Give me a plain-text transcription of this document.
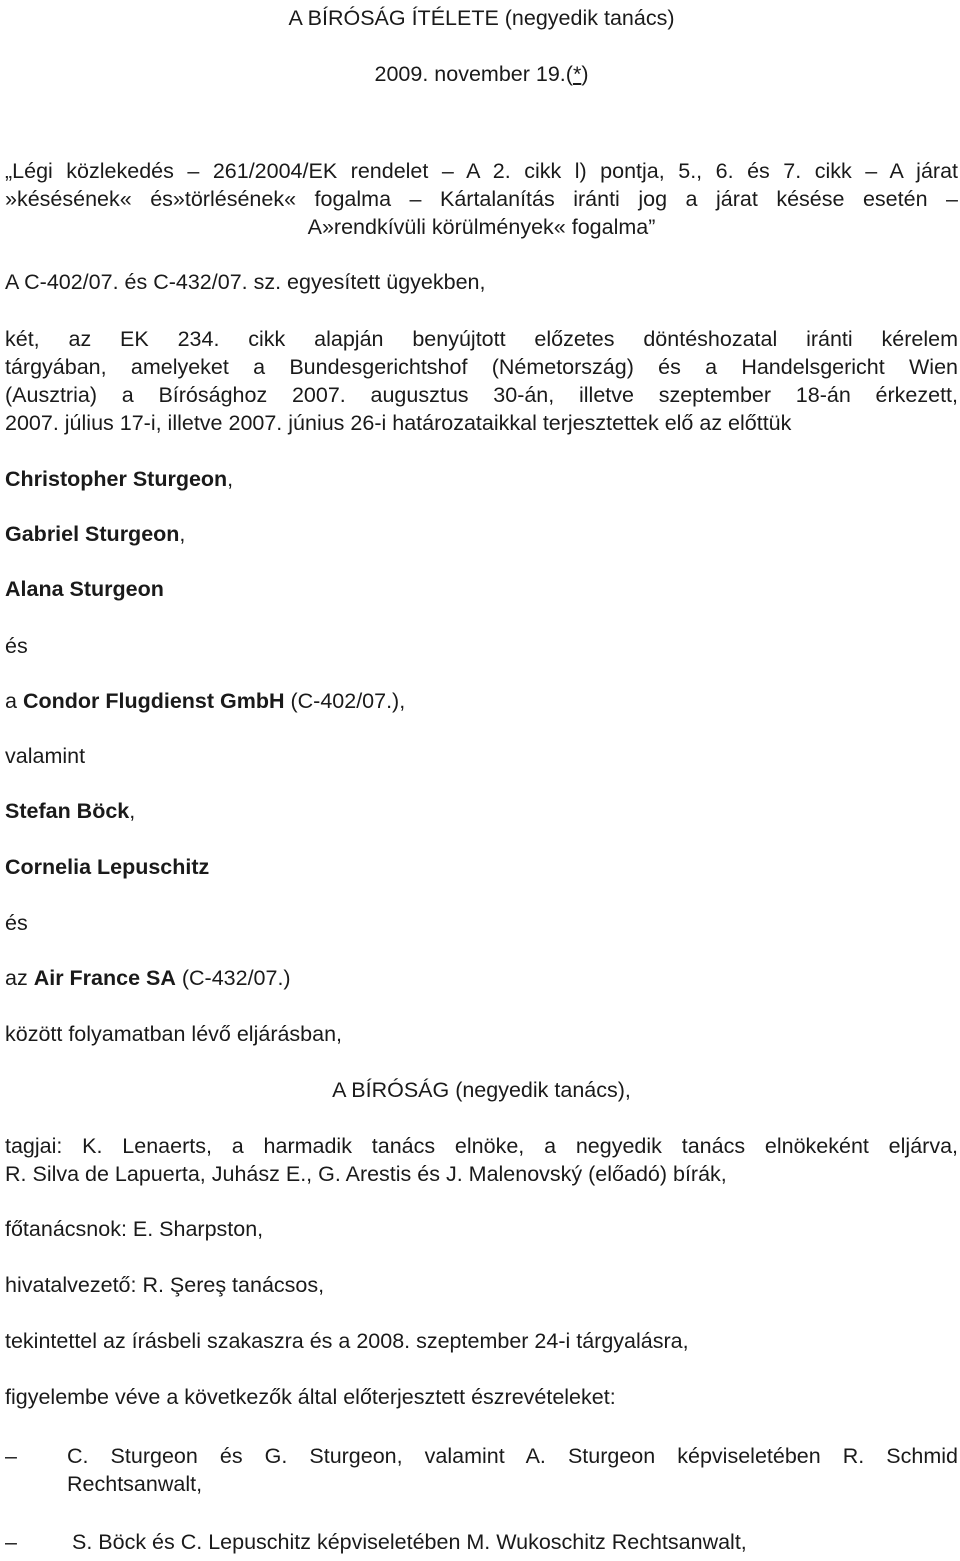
A BÍRÓSÁG ÍTÉLETE (negyedik tanács)
2009. november 19.(*)
„Légi közlekedés – 261/2004/EK rendelet – A 2. cikk l) pontja, 5., 6. és 7. cikk – A járat
»késésének« és»törlésének« fogalma – Kártalanítás iránti jog a járat késése esetén –
A»rendkívüli körülmények« fogalma”
A C‑402/07. és C‑432/07. sz. egyesített ügyekben,
két, az EK 234. cikk alapján benyújtott előzetes döntéshozatal iránti kérelem
tárgyában, amelyeket a Bundesgerichtshof (Németország) és a Handelsgericht Wien
(Ausztria) a Bírósághoz 2007. augusztus 30-án, illetve szeptember 18-án érkezett,
2007. július 17‑i, illetve 2007. június 26‑i határozataikkal terjesztettek elő az előttük
Christopher Sturgeon,
Gabriel Sturgeon,
Alana Sturgeon
és
a Condor Flugdienst GmbH (C‑402/07.),
valamint
Stefan Böck,
Cornelia Lepuschitz
és
az Air France SA (C‑432/07.)
között folyamatban lévő eljárásban,
A BÍRÓSÁG (negyedik tanács),
tagjai: K. Lenaerts, a harmadik tanács elnöke, a negyedik tanács elnökeként eljárva,
R. Silva de Lapuerta, Juhász E., G. Arestis és J. Malenovský (előadó) bírák,
főtanácsnok: E. Sharpston,
hivatalvezető: R. Şereş tanácsos,
tekintettel az írásbeli szakaszra és a 2008. szeptember 24-i tárgyalásra,
figyelembe véve a következők által előterjesztett észrevételeket:
– C. Sturgeon és G. Sturgeon, valamint A. Sturgeon képviseletében R. Schmid
Rechtsanwalt,
–	S. Böck és C. Lepuschitz képviseletében M. Wukoschitz Rechtsanwalt,
